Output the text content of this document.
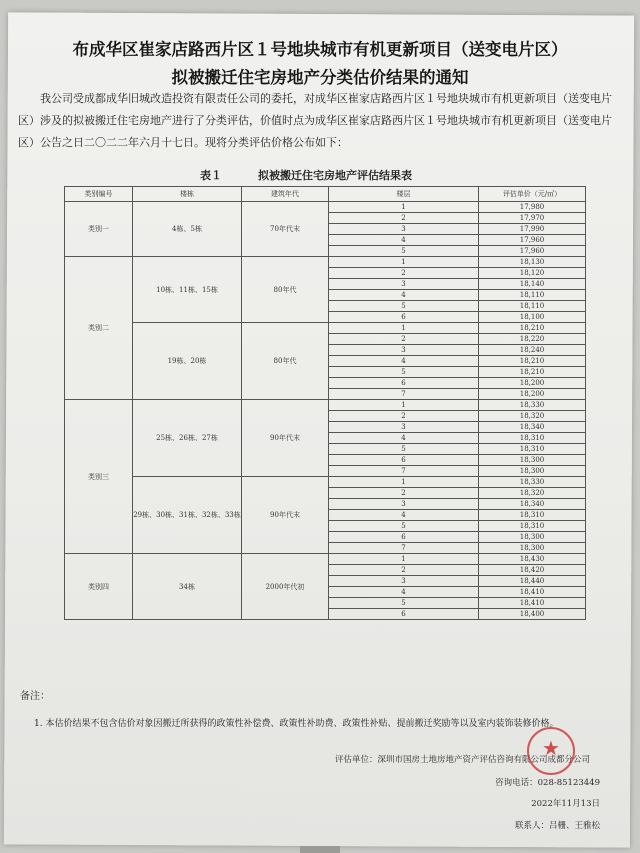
布成华区崔家店路西片区１号地块城市有机更新项目（送变电片区）
拟被搬迁住宅房地产分类估价结果的通知
我公司受成都成华旧城改造投资有限责任公司的委托，对成华区崔家店路西片区１号地块城市有机更新项目（送变电片区）涉及的拟被搬迁住宅房地产进行了分类评估，价值时点为成华区崔家店路西片区１号地块城市有机更新项目（送变电片区）公告之日二〇二二年六月十七日。现将分类评估价格公布如下：
表１	拟被搬迁住宅房地产评估结果表
类别编号	楼栋	建筑年代	楼层	评估单价（元/㎡）
类别一	4栋、5栋	70年代末	1	17,980
			2	17,970
			3	17,990
			4	17,960
			5	17,960
类别二	10栋、11栋、15栋	80年代	1	18,130
			2	18,120
			3	18,140
			4	18,110
			5	18,110
			6	18,100
	19栋、20栋	80年代	1	18,210
			2	18,220
			3	18,240
			4	18,210
			5	18,210
			6	18,200
			7	18,200
类别三	25栋、26栋、27栋	90年代末	1	18,330
			2	18,320
			3	18,340
			4	18,310
			5	18,310
			6	18,300
			7	18,300
	29栋、30栋、31栋、32栋、33栋	90年代末	1	18,330
			2	18,320
			3	18,340
			4	18,310
			5	18,310
			6	18,300
			7	18,300
类别四	34栋	2000年代初	1	18,430
			2	18,420
			3	18,440
			4	18,410
			5	18,410
			6	18,400
备注：
1. 本估价结果不包含估价对象因搬迁所获得的政策性补偿费、政策性补助费、政策性补贴、提前搬迁奖励等以及室内装饰装修价格。
评估单位：深圳市国房土地房地产资产评估咨询有限公司成都分公司
★
咨询电话：028-85123449
2022年11月13日
联系人：吕栅、王雅松
